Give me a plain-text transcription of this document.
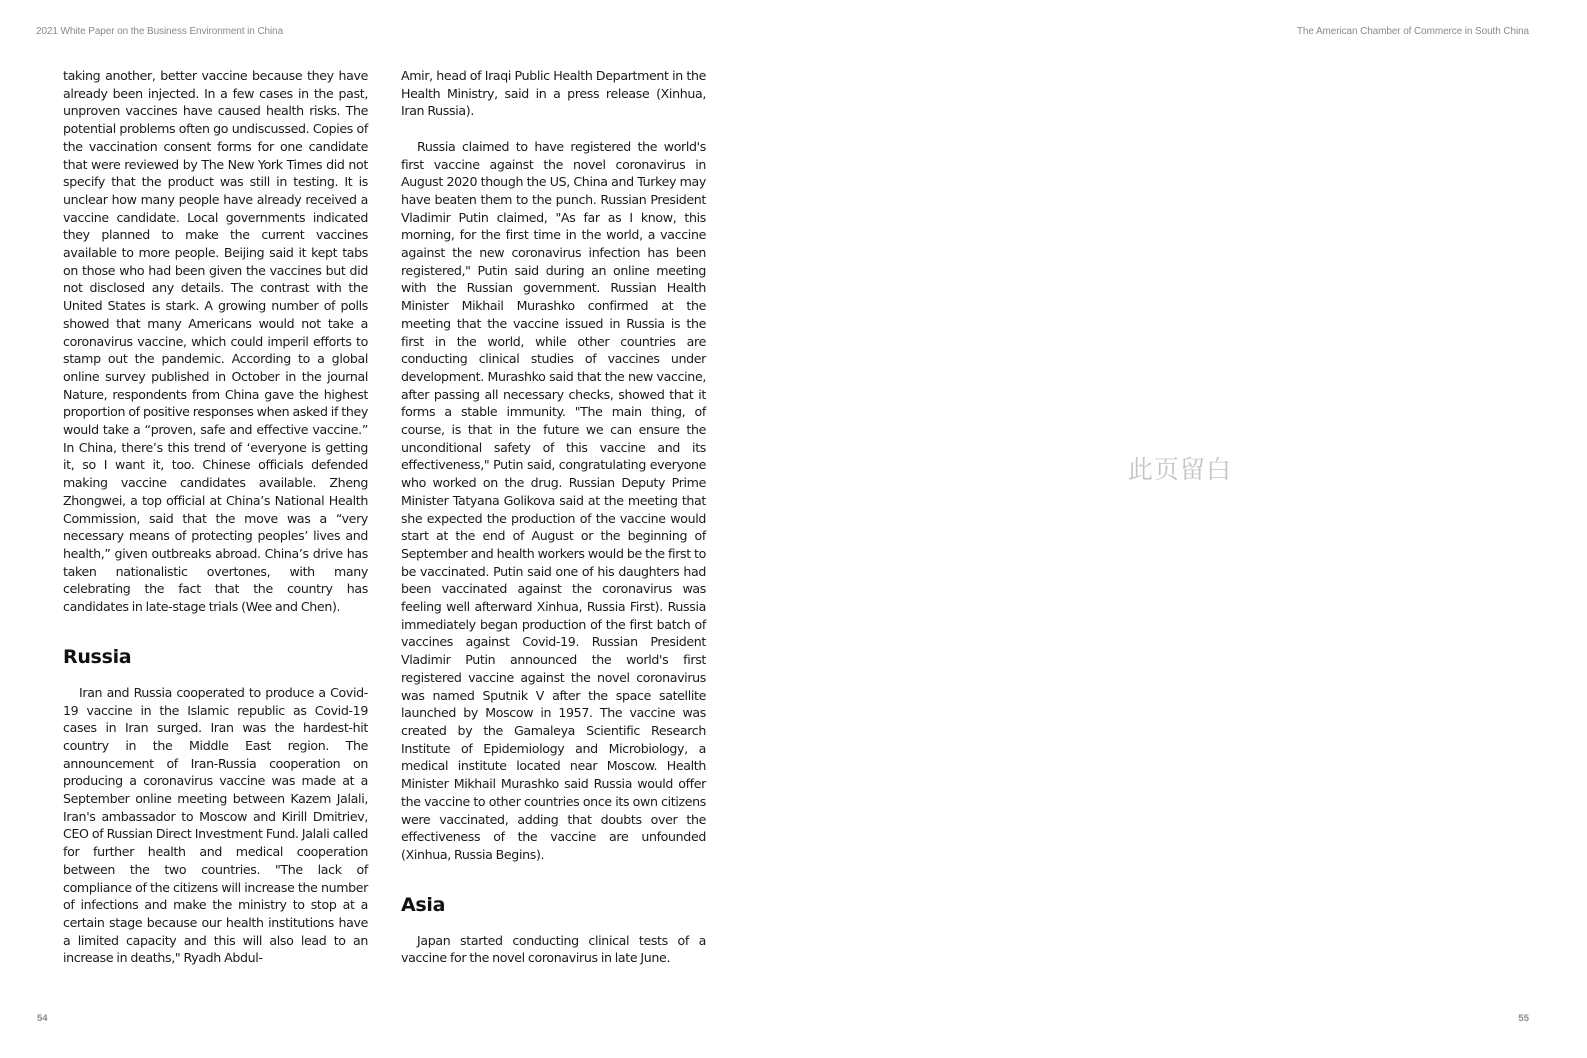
2021 White Paper on the Business Environment in China	The American Chamber of Commerce in South China

taking another, better vaccine because they have already been injected. In a few cases in the past, unproven vaccines have caused health risks. The potential problems often go undiscussed. Copies of the vaccination consent forms for one candidate that were reviewed by The New York Times did not specify that the product was still in testing. It is unclear how many people have already received a vaccine candidate. Local governments indicated they planned to make the current vaccines available to more people. Beijing said it kept tabs on those who had been given the vaccines but did not disclosed any details. The contrast with the United States is stark. A growing number of polls showed that many Americans would not take a coronavirus vaccine, which could imperil efforts to stamp out the pandemic. According to a global online survey published in October in the journal Nature, respondents from China gave the highest proportion of positive responses when asked if they would take a “proven, safe and effective vaccine.” In China, there’s this trend of ‘everyone is getting it, so I want it, too. Chinese officials defended making vaccine candidates available. Zheng Zhongwei, a top official at China’s National Health Commission, said that the move was a “very necessary means of protecting peoples’ lives and health,” given outbreaks abroad. China’s drive has taken nationalistic overtones, with many celebrating the fact that the country has candidates in late-stage trials (Wee and Chen).

Russia

Iran and Russia cooperated to produce a Covid-19 vaccine in the Islamic republic as Covid-19 cases in Iran surged. Iran was the hardest-hit country in the Middle East region. The announcement of Iran-Russia cooperation on producing a coronavirus vaccine was made at a September online meeting between Kazem Jalali, Iran's ambassador to Moscow and Kirill Dmitriev, CEO of Russian Direct Investment Fund. Jalali called for further health and medical cooperation between the two countries. "The lack of compliance of the citizens will increase the number of infections and make the ministry to stop at a certain stage because our health institutions have a limited capacity and this will also lead to an increase in deaths," Ryadh Abdul-

Amir, head of Iraqi Public Health Department in the Health Ministry, said in a press release (Xinhua, Iran Russia).

Russia claimed to have registered the world's first vaccine against the novel coronavirus in August 2020 though the US, China and Turkey may have beaten them to the punch. Russian President Vladimir Putin claimed, "As far as I know, this morning, for the first time in the world, a vaccine against the new coronavirus infection has been registered," Putin said during an online meeting with the Russian government. Russian Health Minister Mikhail Murashko confirmed at the meeting that the vaccine issued in Russia is the first in the world, while other countries are conducting clinical studies of vaccines under development. Murashko said that the new vaccine, after passing all necessary checks, showed that it forms a stable immunity. "The main thing, of course, is that in the future we can ensure the unconditional safety of this vaccine and its effectiveness," Putin said, congratulating everyone who worked on the drug. Russian Deputy Prime Minister Tatyana Golikova said at the meeting that she expected the production of the vaccine would start at the end of August or the beginning of September and health workers would be the first to be vaccinated. Putin said one of his daughters had been vaccinated against the coronavirus was feeling well afterward Xinhua, Russia First). Russia immediately began production of the first batch of vaccines against Covid-19. Russian President Vladimir Putin announced the world's first registered vaccine against the novel coronavirus was named Sputnik V after the space satellite launched by Moscow in 1957. The vaccine was created by the Gamaleya Scientific Research Institute of Epidemiology and Microbiology, a medical institute located near Moscow. Health Minister Mikhail Murashko said Russia would offer the vaccine to other countries once its own citizens were vaccinated, adding that doubts over the effectiveness of the vaccine are unfounded (Xinhua, Russia Begins).

Asia

Japan started conducting clinical tests of a vaccine for the novel coronavirus in late June.

此页留白
54	55
